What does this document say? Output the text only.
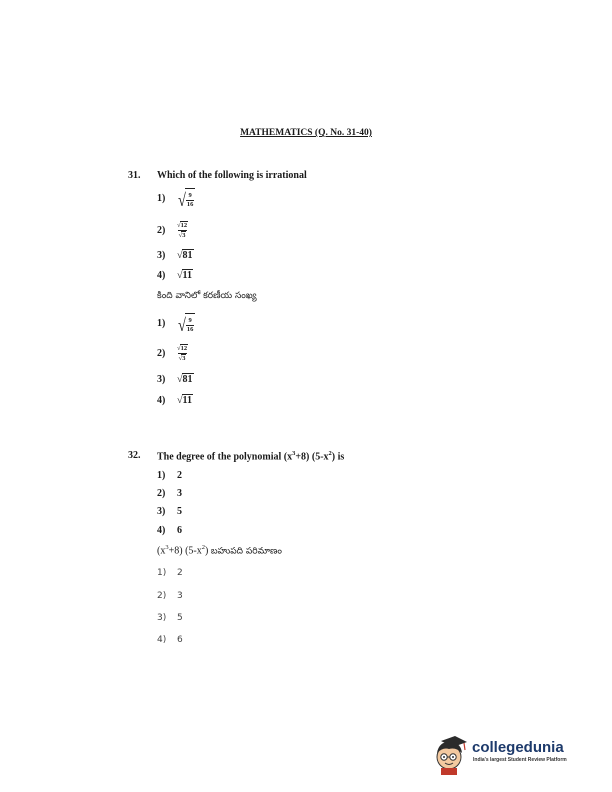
MATHEMATICS (Q. No. 31-40)
31. Which of the following is irrational
1) √ $\frac{9}{16}$
2)	$\frac{√ 12}{√ 3}$
3)	√ 81
4)	√ 11
కింది వానిలో కరణీయ సంఖ్య
1) √ $\frac{9}{16}$
2)	$\frac{√ 12}{√ 3}$
3)	√ 81
4)	√ 11
32. The degree of the polynomial $(x^3+8)$ $(5-x^2)$ is
1)	2
2)	3
3)	5
4)	6
$(x^3+8)$ $(5-x^2)$ బహుపది పరిమాణం
1)	2
2)	3
3)	5
4)	6
collegedunia
India's largest Student Review Platform
